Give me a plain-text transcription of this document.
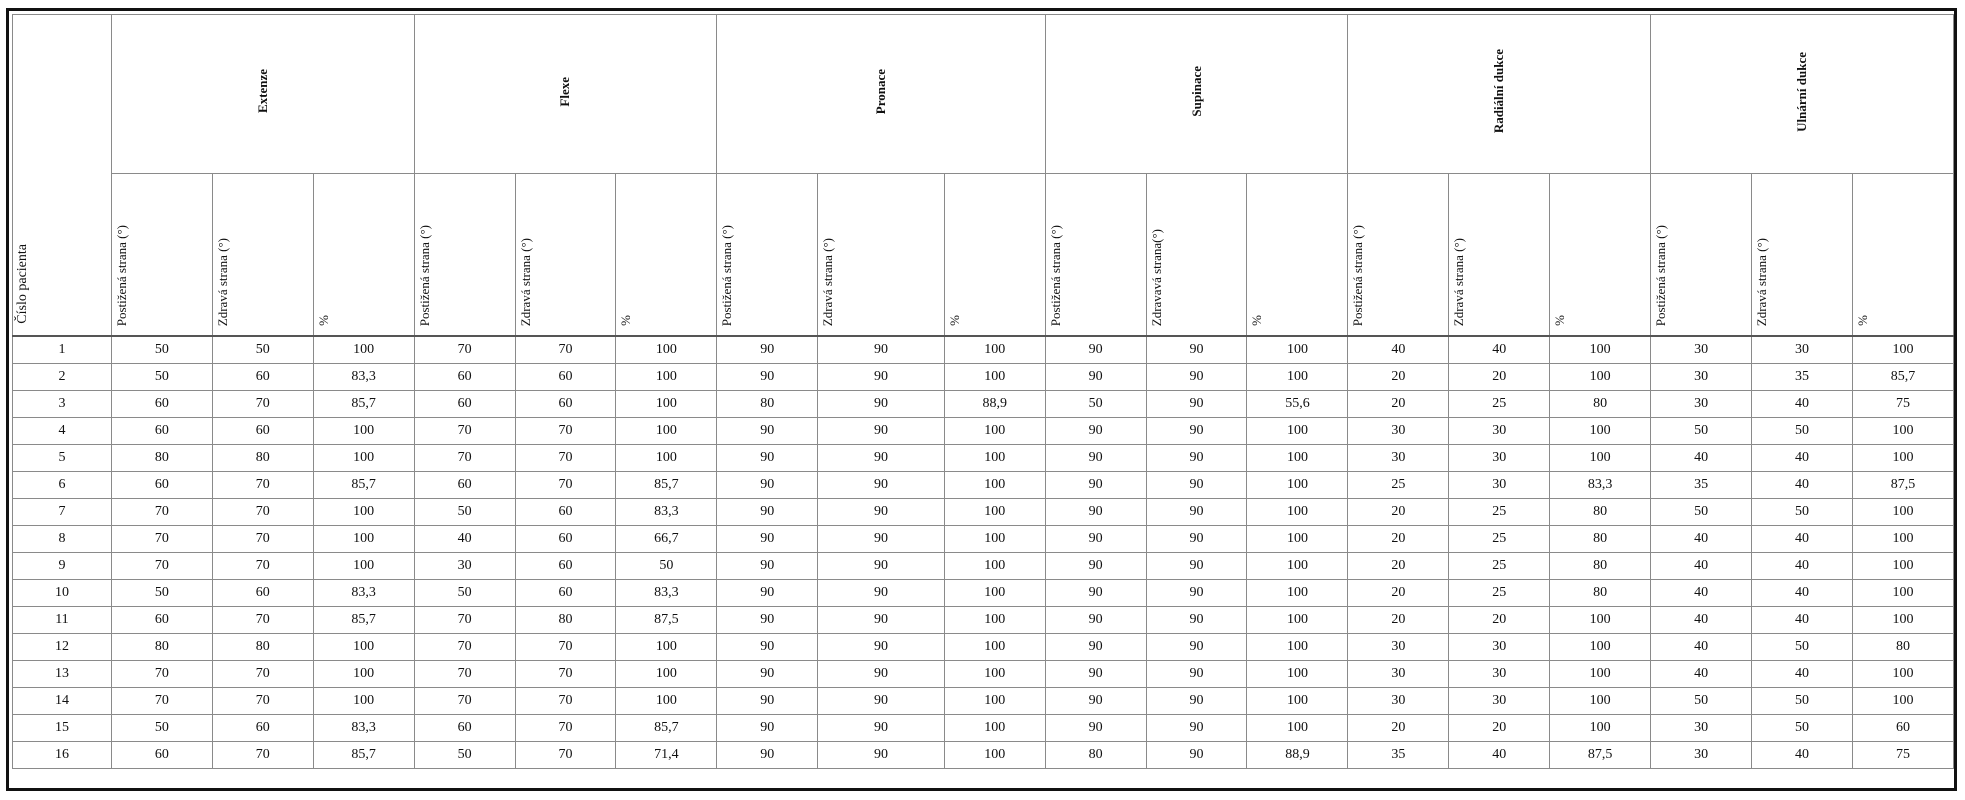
Číslo pacienta	Extenze			Flexe			Pronace			Supinace			Radiální dukce			Ulnární dukce		
	Postižená strana (°)	Zdravá strana (°)	%	Postižená strana (°)	Zdravá strana (°)	%	Postižená strana (°)	Zdravá strana (°)	%	Postižená strana (°)	Zdravavá strana(°)	%	Postižená strana (°)	Zdravá strana (°)	%	Postižená strana (°)	Zdravá strana (°)	%
1	50	50	100	70	70	100	90	90	100	90	90	100	40	40	100	30	30	100
2	50	60	83,3	60	60	100	90	90	100	90	90	100	20	20	100	30	35	85,7
3	60	70	85,7	60	60	100	80	90	88,9	50	90	55,6	20	25	80	30	40	75
4	60	60	100	70	70	100	90	90	100	90	90	100	30	30	100	50	50	100
5	80	80	100	70	70	100	90	90	100	90	90	100	30	30	100	40	40	100
6	60	70	85,7	60	70	85,7	90	90	100	90	90	100	25	30	83,3	35	40	87,5
7	70	70	100	50	60	83,3	90	90	100	90	90	100	20	25	80	50	50	100
8	70	70	100	40	60	66,7	90	90	100	90	90	100	20	25	80	40	40	100
9	70	70	100	30	60	50	90	90	100	90	90	100	20	25	80	40	40	100
10	50	60	83,3	50	60	83,3	90	90	100	90	90	100	20	25	80	40	40	100
11	60	70	85,7	70	80	87,5	90	90	100	90	90	100	20	20	100	40	40	100
12	80	80	100	70	70	100	90	90	100	90	90	100	30	30	100	40	50	80
13	70	70	100	70	70	100	90	90	100	90	90	100	30	30	100	40	40	100
14	70	70	100	70	70	100	90	90	100	90	90	100	30	30	100	50	50	100
15	50	60	83,3	60	70	85,7	90	90	100	90	90	100	20	20	100	30	50	60
16	60	70	85,7	50	70	71,4	90	90	100	80	90	88,9	35	40	87,5	30	40	75
